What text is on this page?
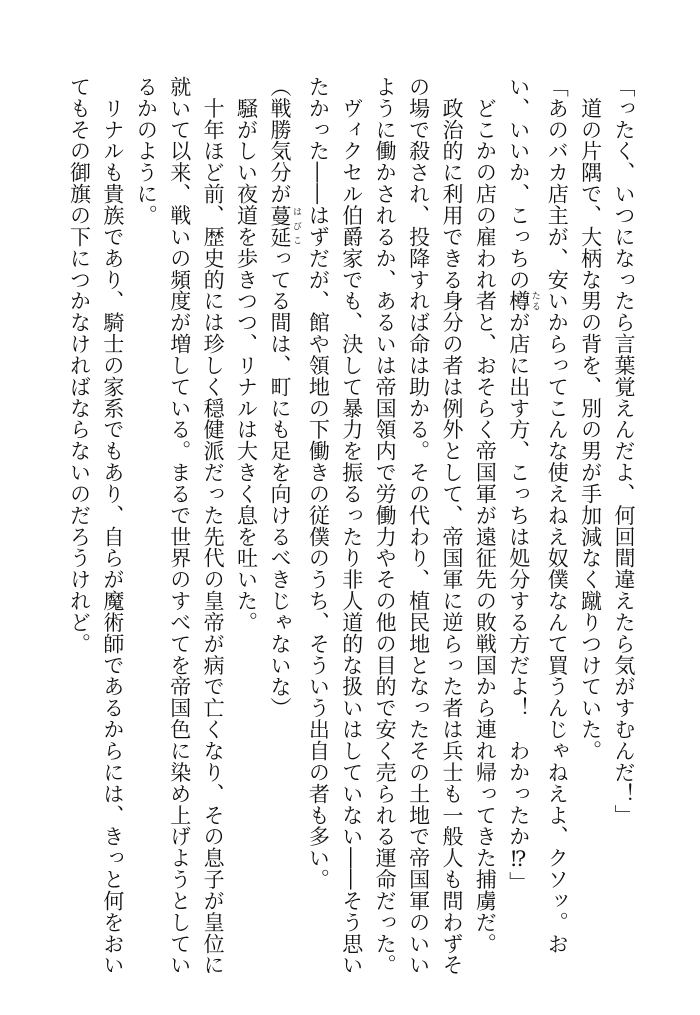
「ったく、いつになったら言葉覚えんだよ、何回間違えたら気がすむんだ！」
　道の片隅で、大柄な男の背を、別の男が手加減なく蹴りつけていた。
「あのバカ店主が、安いからってこんな使えねえ奴僕なんて買うんじゃねえよ、クソッ。お
い、いいか、こっちの樽 たるが店に出す方、こっちは処分する方だよ！　わかったか⁉」
　どこかの店の雇われ者と、おそらく帝国軍が遠征先の敗戦国から連れ帰ってきた捕虜だ。
　政治的に利用できる身分の者は例外として、帝国軍に逆らった者は兵士も一般人も問わずそ
の場で殺され、投降すれば命は助かる。その代わり、植民地となったその土地で帝国軍のいい
ように働かされるか、あるいは帝国領内で労働力やその他の目的で安く売られる運命だった。
　ヴィクセル伯爵家でも、決して暴力を振るったり非人道的な扱いはしていない――そう思い
たかった――はずだが、館や領地の下働きの従僕のうち、そういう出自の者も多い。
（戦勝気分が蔓延 はびこってる間は、町にも足を向けるべきじゃないな）
　騒がしい夜道を歩きつつ、リナルは大きく息を吐いた。
　十年ほど前、歴史的には珍しく穏健派だった先代の皇帝が病で亡くなり、その息子が皇位に
就いて以来、戦いの頻度が増している。まるで世界のすべてを帝国色に染め上げようとしてい
るかのように。
　リナルも貴族であり、騎士の家系でもあり、自らが魔術師であるからには、きっと何をおい
てもその御旗の下につかなければならないのだろうけれど。
